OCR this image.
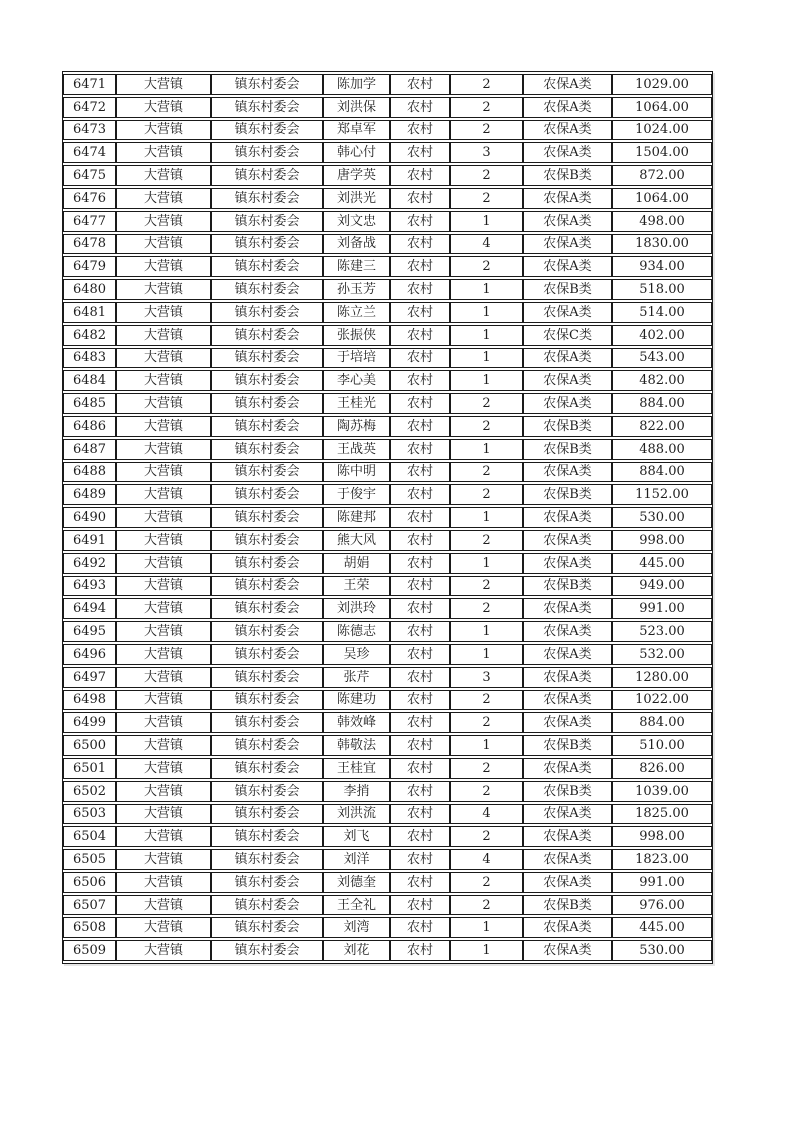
6471	大营镇	镇东村委会	陈加学	农村	2	农保A类	1029.00
6472	大营镇	镇东村委会	刘洪保	农村	2	农保A类	1064.00
6473	大营镇	镇东村委会	郑卓军	农村	2	农保A类	1024.00
6474	大营镇	镇东村委会	韩心付	农村	3	农保A类	1504.00
6475	大营镇	镇东村委会	唐学英	农村	2	农保B类	872.00
6476	大营镇	镇东村委会	刘洪光	农村	2	农保A类	1064.00
6477	大营镇	镇东村委会	刘文忠	农村	1	农保A类	498.00
6478	大营镇	镇东村委会	刘备战	农村	4	农保A类	1830.00
6479	大营镇	镇东村委会	陈建三	农村	2	农保A类	934.00
6480	大营镇	镇东村委会	孙玉芳	农村	1	农保B类	518.00
6481	大营镇	镇东村委会	陈立兰	农村	1	农保A类	514.00
6482	大营镇	镇东村委会	张振侠	农村	1	农保C类	402.00
6483	大营镇	镇东村委会	于培培	农村	1	农保A类	543.00
6484	大营镇	镇东村委会	李心美	农村	1	农保A类	482.00
6485	大营镇	镇东村委会	王桂光	农村	2	农保A类	884.00
6486	大营镇	镇东村委会	陶苏梅	农村	2	农保B类	822.00
6487	大营镇	镇东村委会	王战英	农村	1	农保B类	488.00
6488	大营镇	镇东村委会	陈中明	农村	2	农保A类	884.00
6489	大营镇	镇东村委会	于俊宇	农村	2	农保B类	1152.00
6490	大营镇	镇东村委会	陈建邦	农村	1	农保A类	530.00
6491	大营镇	镇东村委会	熊大风	农村	2	农保A类	998.00
6492	大营镇	镇东村委会	胡娟	农村	1	农保A类	445.00
6493	大营镇	镇东村委会	王荣	农村	2	农保B类	949.00
6494	大营镇	镇东村委会	刘洪玲	农村	2	农保A类	991.00
6495	大营镇	镇东村委会	陈德志	农村	1	农保A类	523.00
6496	大营镇	镇东村委会	吴珍	农村	1	农保A类	532.00
6497	大营镇	镇东村委会	张芹	农村	3	农保A类	1280.00
6498	大营镇	镇东村委会	陈建功	农村	2	农保A类	1022.00
6499	大营镇	镇东村委会	韩效峰	农村	2	农保A类	884.00
6500	大营镇	镇东村委会	韩敬法	农村	1	农保B类	510.00
6501	大营镇	镇东村委会	王桂宜	农村	2	农保A类	826.00
6502	大营镇	镇东村委会	李捎	农村	2	农保B类	1039.00
6503	大营镇	镇东村委会	刘洪流	农村	4	农保A类	1825.00
6504	大营镇	镇东村委会	刘飞	农村	2	农保A类	998.00
6505	大营镇	镇东村委会	刘洋	农村	4	农保A类	1823.00
6506	大营镇	镇东村委会	刘德奎	农村	2	农保A类	991.00
6507	大营镇	镇东村委会	王全礼	农村	2	农保B类	976.00
6508	大营镇	镇东村委会	刘湾	农村	1	农保A类	445.00
6509	大营镇	镇东村委会	刘花	农村	1	农保A类	530.00
